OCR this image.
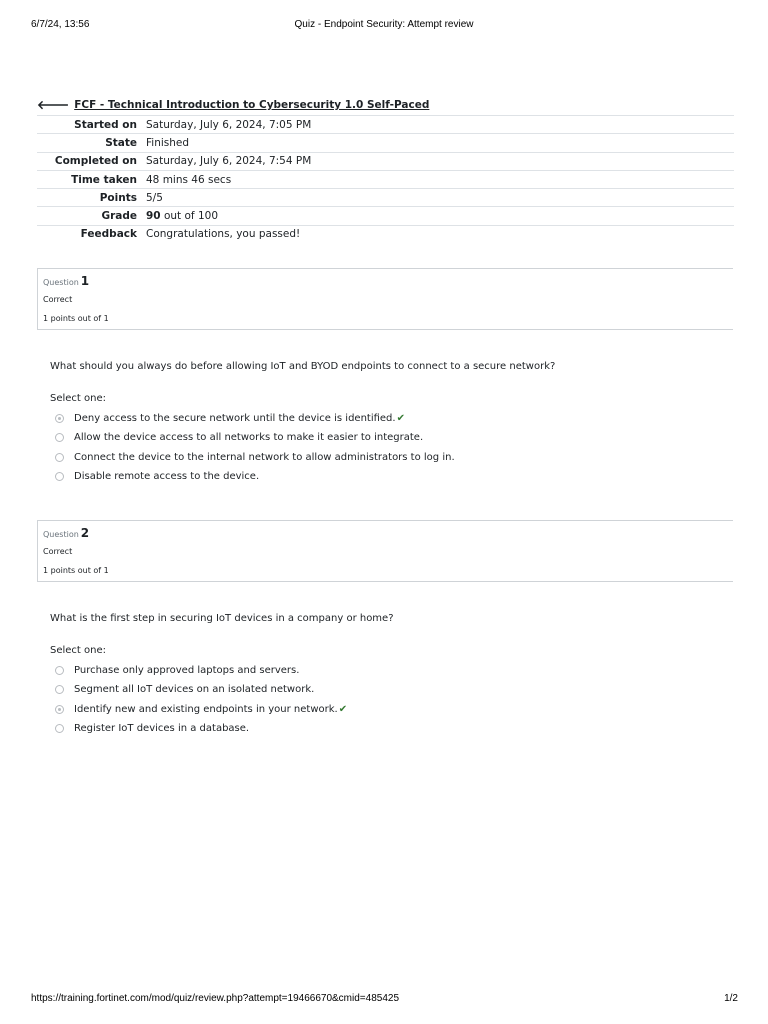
6/7/24, 13:56	Quiz - Endpoint Security: Attempt review
🡐 FCF - Technical Introduction to Cybersecurity 1.0 Self-Paced
Started on	Saturday, July 6, 2024, 7:05 PM
State	Finished
Completed on	Saturday, July 6, 2024, 7:54 PM
Time taken	48 mins 46 secs
Points	5/5
Grade	90 out of 100
Feedback	Congratulations, you passed!
Question 1
Correct
1 points out of 1
What should you always do before allowing IoT and BYOD endpoints to connect to a secure network?
Select one:
Deny access to the secure network until the device is identified. ✔
Allow the device access to all networks to make it easier to integrate.
Connect the device to the internal network to allow administrators to log in.
Disable remote access to the device.
Question 2
Correct
1 points out of 1
What is the first step in securing IoT devices in a company or home?
Select one:
Purchase only approved laptops and servers.
Segment all IoT devices on an isolated network.
Identify new and existing endpoints in your network. ✔
Register IoT devices in a database.
https://training.fortinet.com/mod/quiz/review.php?attempt=19466670&cmid=485425	1/2
